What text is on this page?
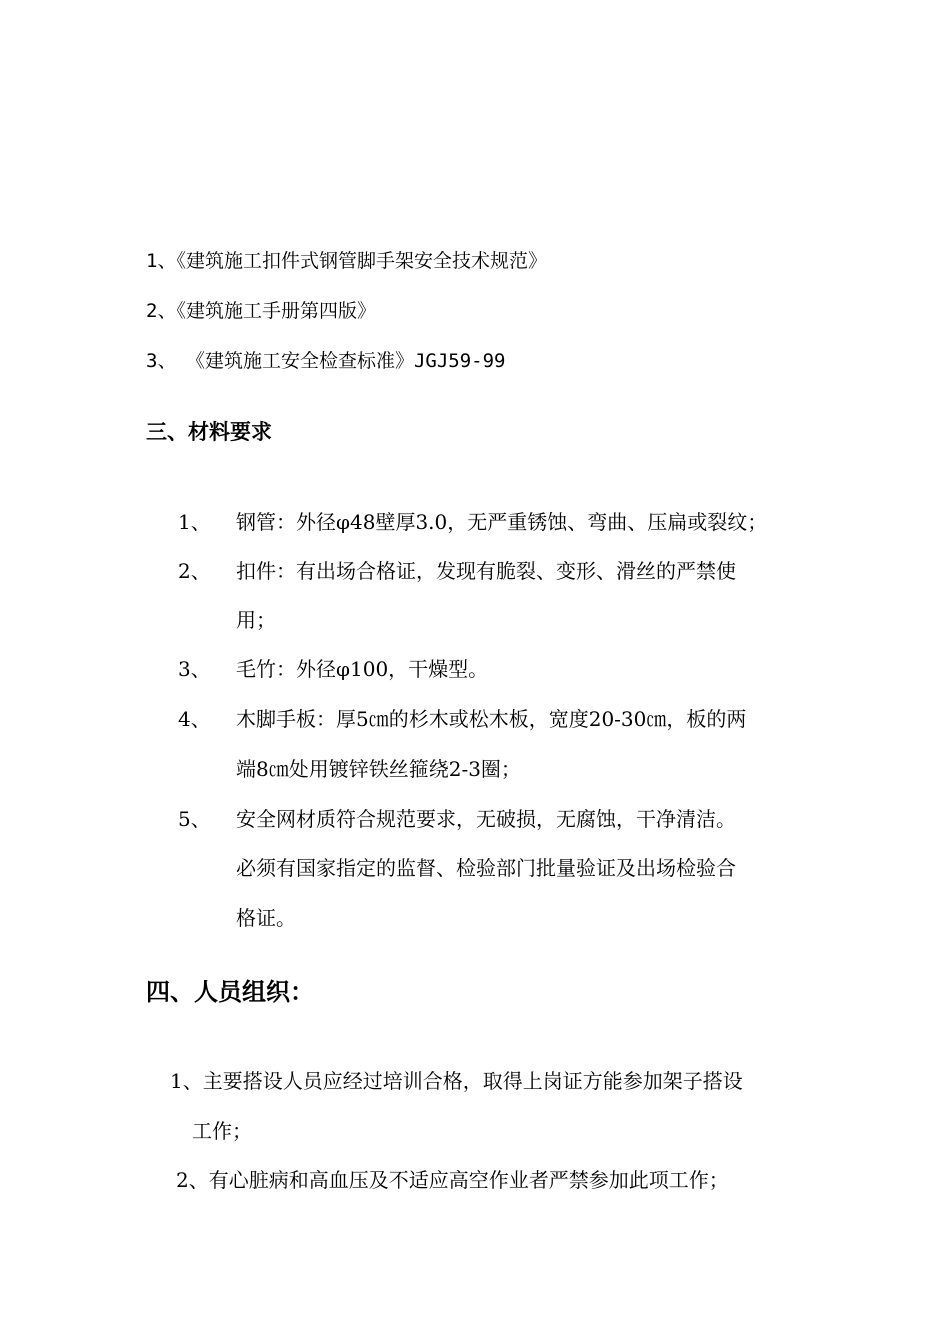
1、《建筑施工扣件式钢管脚手架安全技术规范》
2、《建筑施工手册第四版》
3、 《建筑施工安全检查标准》JGJ59-99
三、材料要求
1、 钢管：外径φ48壁厚3.0，无严重锈蚀、弯曲、压扁或裂纹；
2、 扣件：有出场合格证，发现有脆裂、变形、滑丝的严禁使
用；
3、 毛竹：外径φ100，干燥型。
4、 木脚手板：厚5㎝的杉木或松木板，宽度20-30㎝，板的两
端8㎝处用镀锌铁丝箍绕2-3圈；
5、 安全网材质符合规范要求，无破损，无腐蚀，干净清洁。
必须有国家指定的监督、检验部门批量验证及出场检验合
格证。
四、人员组织：
1、主要搭设人员应经过培训合格，取得上岗证方能参加架子搭设
工作；
2、有心脏病和高血压及不适应高空作业者严禁参加此项工作；
